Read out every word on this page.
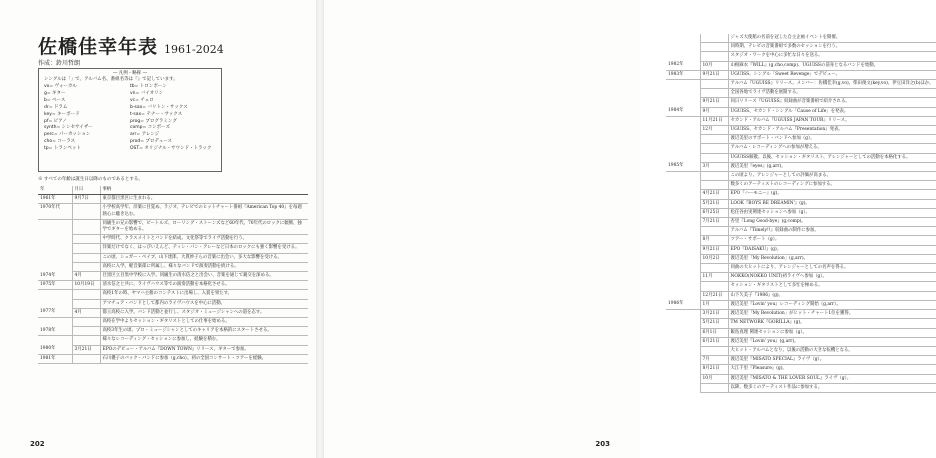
佐橋佳幸年表 1961-2024
作成：鈴川哲朗
— 凡例・略称 —
シングルは「」で、アルバム名、番組名等は『』で記しています。
vo= ヴォーカル
g= ギター
b= ベース
dr= ドラム
key= キーボード
pf= ピアノ
synth= シンセサイザー
perc= パーカッション
cho= コーラス
tp= トランペット
tb= トロンボーン
vn= バイオリン
vc= チェロ
b-sax= バリトン・サックス
t-sax= テナー・サックス
prog= プログラミング
comp= コンポーズ
arr= アレンジ
prod= プロデュース
OST= オリジナル・サウンド・トラック
※ すべての年齢は誕生日以降のものであるとする。
年	月日	事柄
1961年	9月7日	東京都目黒区に生まれる。
1970年代		小学校高学年、洋楽に目覚め、ラジオ、テレビでのヒットチャート番組『American Top 40』を毎週熱心に聴き込む。
		同級生の兄の影響で、ビートルズ、ローリング・ストーンズなど60年代、70年代のロックに傾倒、独学でギターを始める。
		中学時代、クラスメイトとバンドを結成。文化祭等でライヴ活動を行う。
		洋楽だけでなく、はっぴいえんど、ティン・パン・アレーなど日本のロックにも強く影響を受ける。
		この頃、シュガー・ベイブ、山下達郎、大貫妙子らの音楽に出会い、多大な影響を受ける。
		高校に入学。軽音楽部に所属し、様々なバンドで演奏活動を続ける。
1974年	4月	目黒区立目黒中学校に入学。同級生の清水信之と出会い、音楽を通じて親交を深める。
1975年	10月19日	清水信之と共に、ライヴハウス等での演奏活動を本格化させる。
		高校1年の時、ヤマハ主催のコンテストに出場し、入賞を果たす。
		アマチュア・バンドとして都内のライヴハウスを中心に活動。
1977年	4月	都立高校に入学。バンド活動と並行し、スタジオ・ミュージシャンへの道を志す。
		高校在学中よりセッション・ギタリストとしての仕事を始める。
1978年		高校3年生の頃、プロ・ミュージシャンとしてのキャリアを本格的にスタートさせる。
		様々なレコーディング・セッションに参加し、経験を積む。
1980年	3月21日	EPOのデビュー・アルバム『DOWN TOWN』リリース、ギターで参加。
1981年		石川優子のバック・バンドに参加（g,cho）。初の全国コンサート・ツアーを経験。
202
		ジャズ大使館の名前を冠した自主企画イベントを開催。
		同時期、テレビの音楽番組で多数のセッションを行う。
		スタジオ・ワークを中心に多忙な日々を送る。
1982年	10月	山根麻衣『WILL』(g,cho,comp)、UGUISSの前身となるバンドを始動。
1983年	9月21日	UGUISS、シングル「Sweet Revenge」でデビュー。
		アルバム『UGUISS』リリース。メンバー：佐橋佳幸(g,vo)、柴田俊文(key,vo)、伊豆田洋之(b)ほか。
		全国各地でライヴ活動を展開する。
	9月21日	同日リリース『UGUISS』収録曲が音楽番組で紹介される。
1984年	9月	UGUISS、セカンド・シングル「Cause of Life」を発表。
	11月21日	セカンド・アルバム『UGUISS JAPAN TOUR』リリース。
	12月	UGUISS、セカンド・アルバム『Presentation』発表。
		渡辺美里のサポート・バンドへ参加（g）。
		アルバム・レコーディングへの参加が増える。
		UGUISS解散。以後、セッション・ギタリスト、アレンジャーとしての活動を本格化する。
1985年	3月	渡辺美里『eyes』(g,arr)。
		この頃より、アレンジャーとしての評価が高まる。
		数多くのアーティストのレコーディングに参加する。
	4月21日	EPO『ハーモニー』(g)。
	5月21日	LOOK『BOYS BE DREAMIN'』(g)。
	6月25日	松任谷由実関連セッションへ参加（g）。
	7月21日	杏里『Long Good-bye』(g,comp)。
		アルバム『Timely!!』収録曲の制作に参加。
	8月	ツアー・サポート（g）。
	9月21日	EPO『DAISAKU』(g)。
	10月2日	渡辺美里「My Revolution」(g,arr)。
		同曲の大ヒットにより、アレンジャーとしての名声を得る。
	11月	NOKKO(NOKKO UNIT)初ライヴへ参加（g）。
		セッション・ギタリストとして多忙を極める。
	12月21日	山下久美子『1986』(g)。
1986年	1月	渡辺美里『Lovin' you』レコーディング開始（g,arr）。
	3月21日	渡辺美里「My Revolution」がヒット・チャート1位を獲得。
	5月21日	TM NETWORK『GORILLA』(g)。
	6月1日	飯島真理 関連セッションに参加（g）。
	6月21日	渡辺美里『Lovin' you』(g,arr)。
		大ヒット・アルバムとなり、以後の活動の大きな転機となる。
	7月	渡辺美里『MISATO SPECIAL』ライヴ（g）。
	8月21日	大江千里『Pleasure』(g)。
	10月	渡辺美里『MISATO & THE LOVER SOUL』ライヴ（g）。
		以降、数多くのアーティスト作品に参加する。
203
